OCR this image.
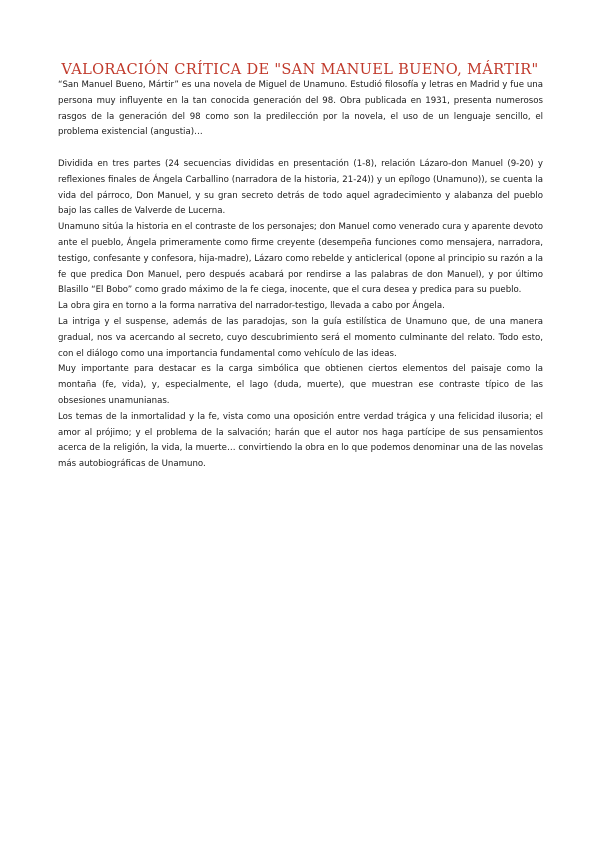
VALORACIÓN CRÍTICA DE "SAN MANUEL BUENO, MÁRTIR"

“San Manuel Bueno, Mártir” es una novela de Miguel de Unamuno. Estudió filosofía y letras en Madrid y fue una persona muy influyente en la tan conocida generación del 98. Obra publicada en 1931, presenta numerosos rasgos de la generación del 98 como son la predilección por la novela, el uso de un lenguaje sencillo, el problema existencial (angustia)…

Dividida en tres partes (24 secuencias divididas en presentación (1-8), relación Lázaro-don Manuel (9-20) y reflexiones finales de Ángela Carballino (narradora de la historia, 21-24)) y un epílogo (Unamuno)), se cuenta la vida del párroco, Don Manuel, y su gran secreto detrás de todo aquel agradecimiento y alabanza del pueblo bajo las calles de Valverde de Lucerna.

Unamuno sitúa la historia en el contraste de los personajes; don Manuel como venerado cura y aparente devoto ante el pueblo, Ángela primeramente como firme creyente (desempeña funciones como mensajera, narradora, testigo, confesante y confesora, hija-madre), Lázaro como rebelde y anticlerical (opone al principio su razón a la fe que predica Don Manuel, pero después acabará por rendirse a las palabras de don Manuel), y por último Blasillo “El Bobo” como grado máximo de la fe ciega, inocente, que el cura desea y predica para su pueblo.

La obra gira en torno a la forma narrativa del narrador-testigo, llevada a cabo por Ángela.

La intriga y el suspense, además de las paradojas, son la guía estilística de Unamuno que, de una manera gradual, nos va acercando al secreto, cuyo descubrimiento será el momento culminante del relato. Todo esto, con el diálogo como una importancia fundamental como vehículo de las ideas.

Muy importante para destacar es la carga simbólica que obtienen ciertos elementos del paisaje como la montaña (fe, vida), y, especialmente, el lago (duda, muerte), que muestran ese contraste típico de las obsesiones unamunianas.

Los temas de la inmortalidad y la fe, vista como una oposición entre verdad trágica y una felicidad ilusoria; el amor al prójimo; y el problema de la salvación; harán que el autor nos haga partícipe de sus pensamientos acerca de la religión, la vida, la muerte… convirtiendo la obra en lo que podemos denominar una de las novelas más autobiográficas de Unamuno.
